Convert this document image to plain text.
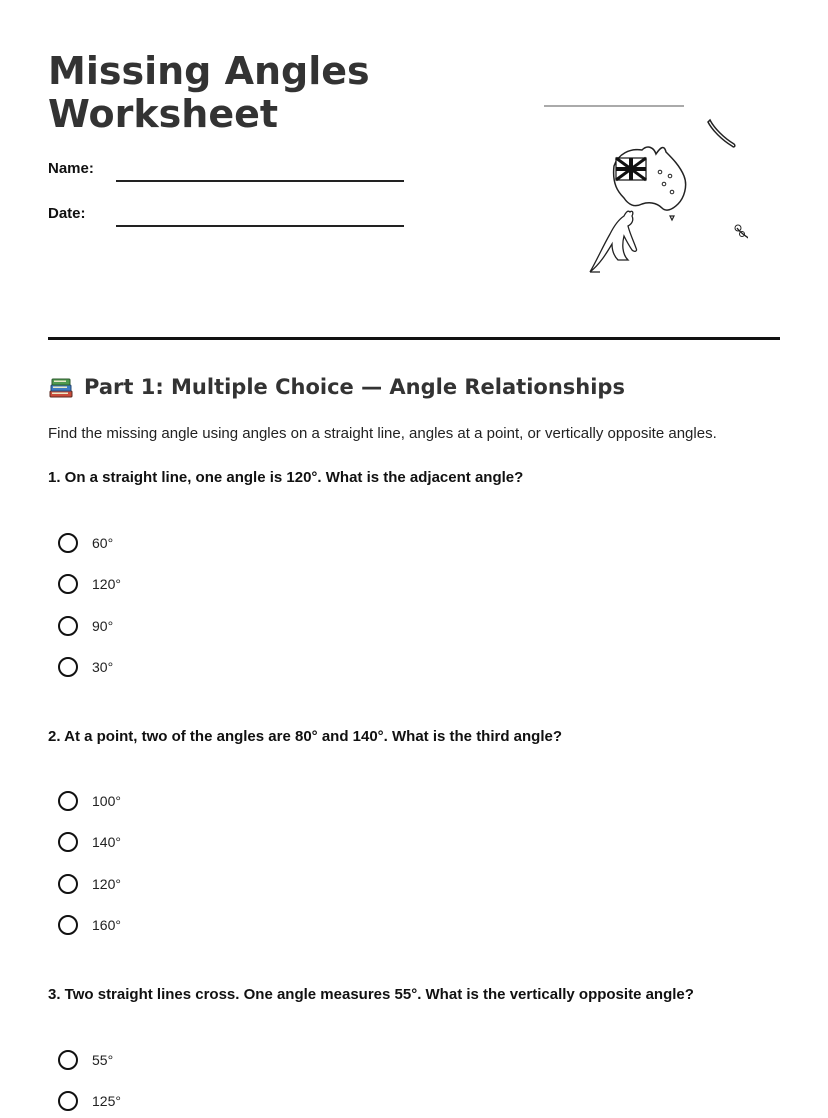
Missing Angles Worksheet
Name:
Date:
Part 1: Multiple Choice — Angle Relationships
Find the missing angle using angles on a straight line, angles at a point, or vertically opposite angles.
1. On a straight line, one angle is 120°. What is the adjacent angle?
60°
120°
90°
30°
2. At a point, two of the angles are 80° and 140°. What is the third angle?
100°
140°
120°
160°
3. Two straight lines cross. One angle measures 55°. What is the vertically opposite angle?
55°
125°
